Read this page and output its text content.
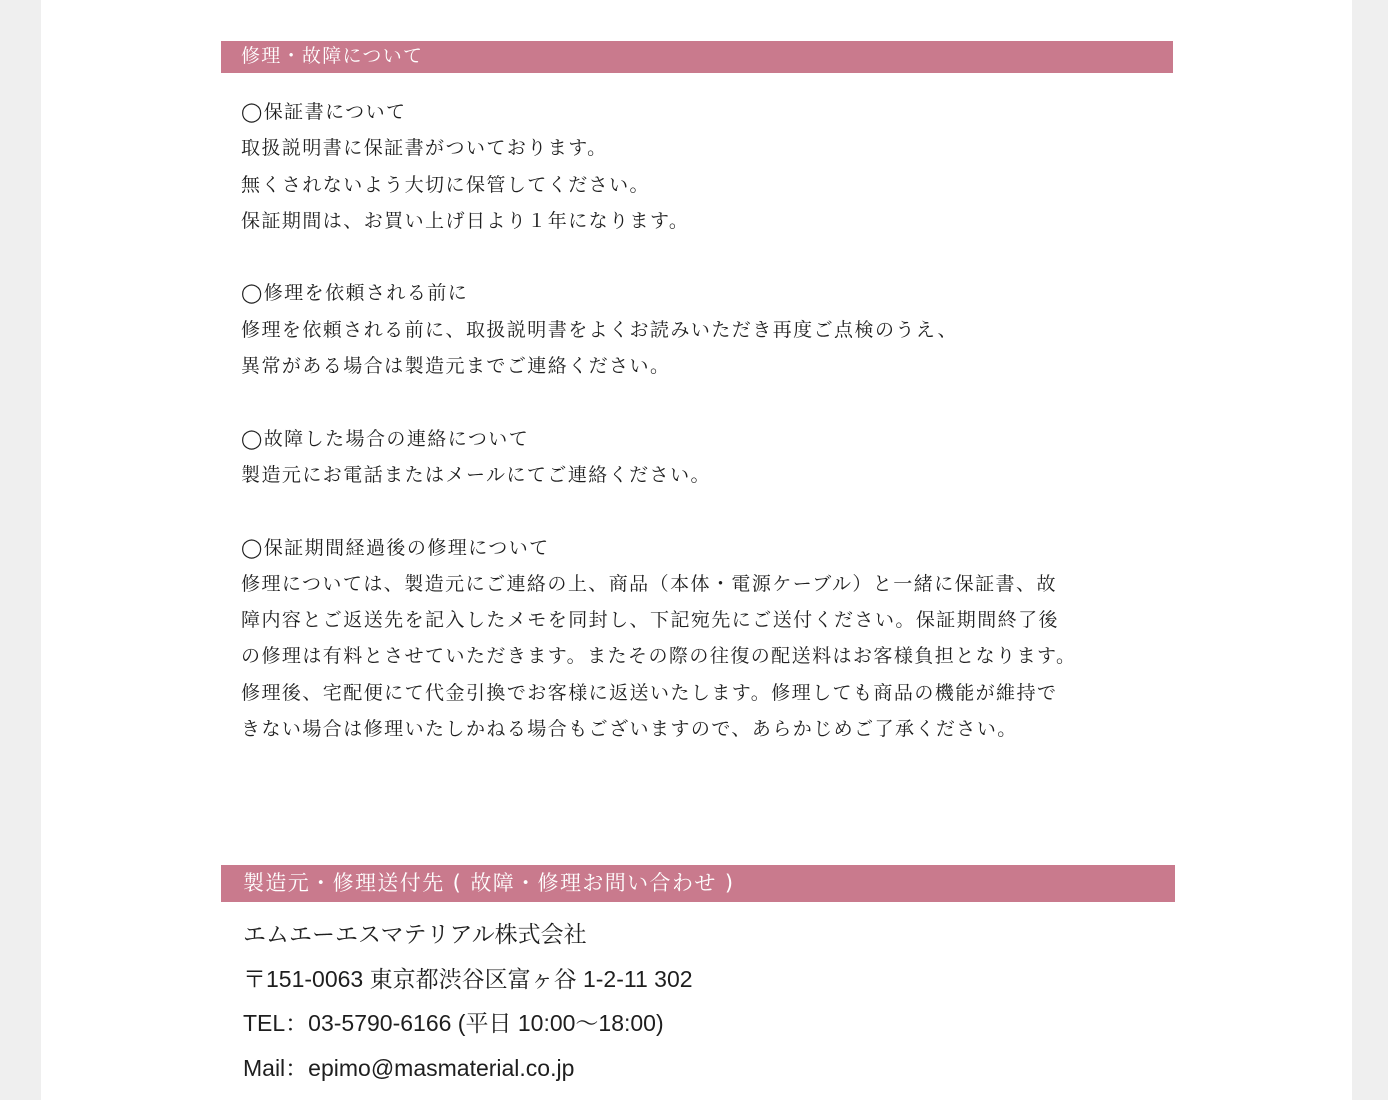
修理・故障について
◯保証書について
取扱説明書に保証書がついております。
無くされないよう大切に保管してください。
保証期間は、お買い上げ日より１年になります。
◯修理を依頼される前に
修理を依頼される前に、取扱説明書をよくお読みいただき再度ご点検のうえ、
異常がある場合は製造元までご連絡ください。
◯故障した場合の連絡について
製造元にお電話またはメールにてご連絡ください。
◯保証期間経過後の修理について
修理については、製造元にご連絡の上、商品（本体・電源ケーブル）と一緒に保証書、故
障内容とご返送先を記入したメモを同封し、下記宛先にご送付ください。保証期間終了後
の修理は有料とさせていただきます。またその際の往復の配送料はお客様負担となります。
修理後、宅配便にて代金引換でお客様に返送いたします。修理しても商品の機能が維持で
きない場合は修理いたしかねる場合もございますので、あらかじめご了承ください。
製造元・修理送付先 ( 故障・修理お問い合わせ )
エムエーエスマテリアル株式会社
〒151-0063 東京都渋谷区富ヶ谷 1-2-11 302
TEL：03-5790-6166 (平日 10:00〜18:00)
Mail：epimo@masmaterial.co.jp
